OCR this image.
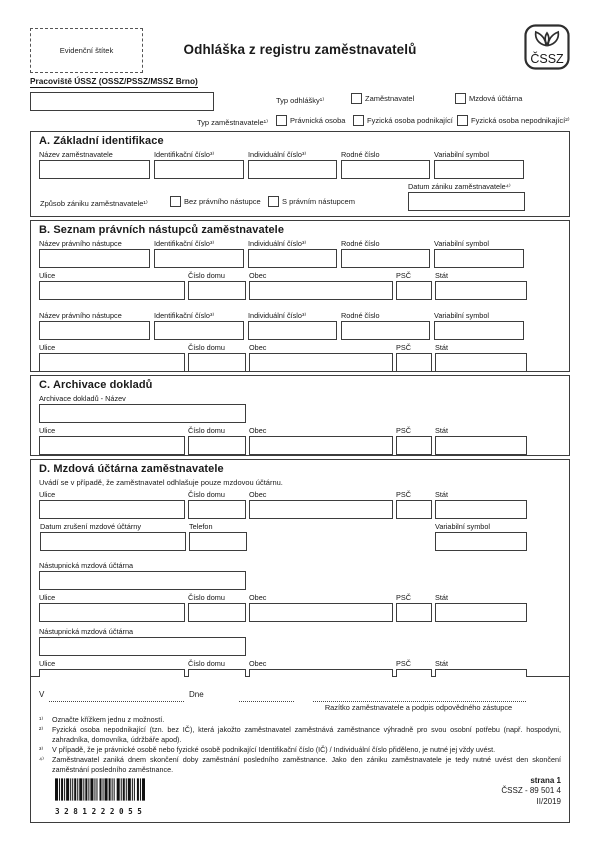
Evidenční štítek	Odhláška z registru zaměstnavatelů
ČSSZ
Pracoviště ÚSSZ (OSSZ/PSSZ/MSSZ Brno)
Typ odhlášky¹⁾	Zaměstnavatel	Mzdová účtárna
Typ zaměstnavatele¹⁾	Právnická osoba	Fyzická osoba podnikající Fyzická osoba nepodnikající²⁾
A. Základní identifikace
Název zaměstnavatele	Identifikační číslo³⁾	Individuální číslo³⁾	Rodné číslo	Variabilní symbol
Způsob zániku zaměstnavatele¹⁾	Bez právního nástupce	S právním nástupcem
Datum zániku zaměstnavatele⁴⁾
B. Seznam právních nástupců zaměstnavatele
Název právního nástupce	Identifikační číslo³⁾	Individuální číslo³⁾	Rodné číslo	Variabilní symbol
Ulice	Číslo domu	Obec	PSČ	Stát
Název právního nástupce	Identifikační číslo³⁾	Individuální číslo³⁾	Rodné číslo	Variabilní symbol
Ulice	Číslo domu	Obec	PSČ	Stát
C. Archivace dokladů
Archivace dokladů - Název
Ulice	Číslo domu	Obec	PSČ	Stát
D. Mzdová účtárna zaměstnavatele
Uvádí se v případě, že zaměstnavatel odhlašuje pouze mzdovou účtárnu.
Ulice	Číslo domu	Obec	PSČ	Stát
Datum zrušení mzdové účtárny	Telefon	Variabilní symbol
Nástupnická mzdová účtárna
Ulice	Číslo domu	Obec	PSČ	Stát
Nástupnická mzdová účtárna
Ulice	Číslo domu	Obec	PSČ	Stát
V	Dne
Razítko zaměstnavatele a podpis odpovědného zástupce
¹⁾	Označte křížkem jednu z možností.
²⁾	Fyzická osoba nepodnikající (tzn. bez IČ), která jakožto zaměstnavatel zaměstnává zaměstnance výhradně pro svou osobní potřebu (např. hospodyni, zahradníka, domovníka, údržbáře apod).
³⁾	V případě, že je právnické osobě nebo fyzické osobě podnikající Identifikační číslo (IČ) / Individuální číslo přiděleno, je nutné jej vždy uvést.
⁴⁾	Zaměstnavatel zaniká dnem skončení doby zaměstnání posledního zaměstnance. Jako den zániku zaměstnavatele je tedy nutné uvést den skončení zaměstnání posledního zaměstnance.
3 2 8 1 2 2 2 0 5 5
strana 1
ČSSZ - 89 501 4
II/2019
